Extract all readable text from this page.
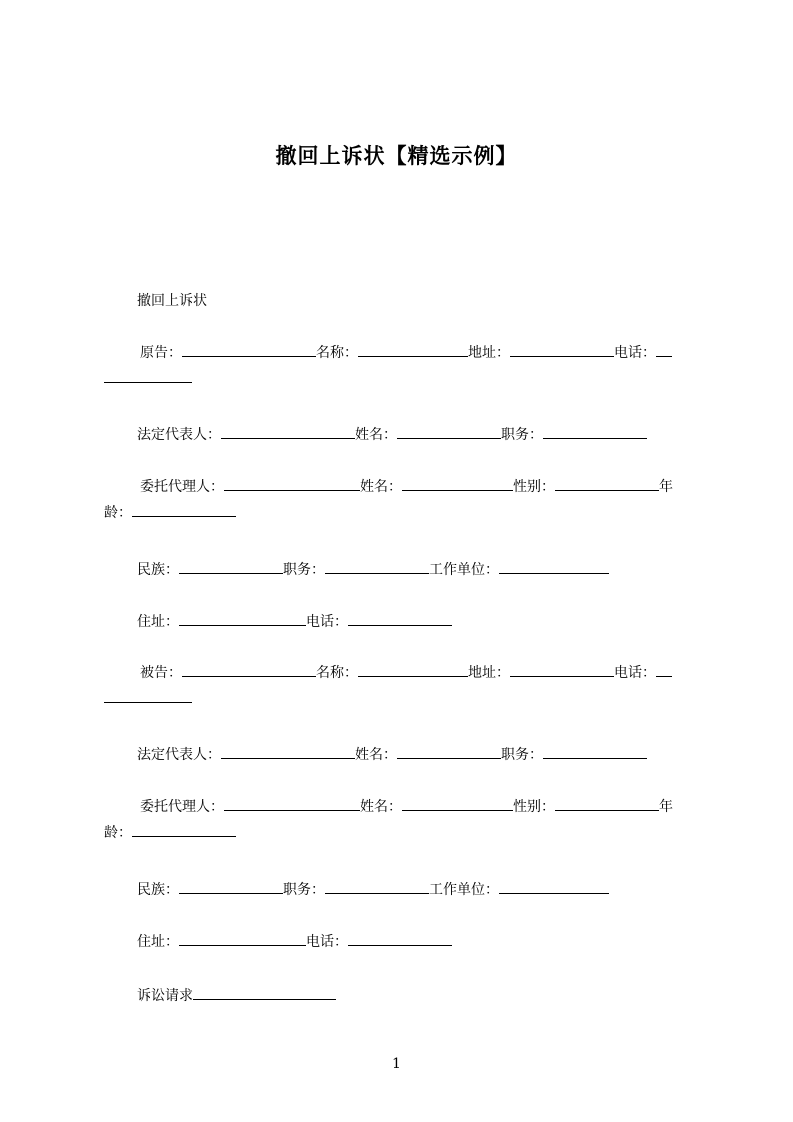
撤回上诉状【精选示例】
撤回上诉状
原告：	名称：	地址：	电话：

法定代表人：	姓名：	职务：
委托代理人：	姓名：	性别：	年
龄：
民族：	职务：	工作单位：
住址：	电话：
被告：	名称：	地址：	电话：

法定代表人：	姓名：	职务：
委托代理人：	姓名：	性别：	年
龄：
民族：	职务：	工作单位：
住址：	电话：
诉讼请求
1
